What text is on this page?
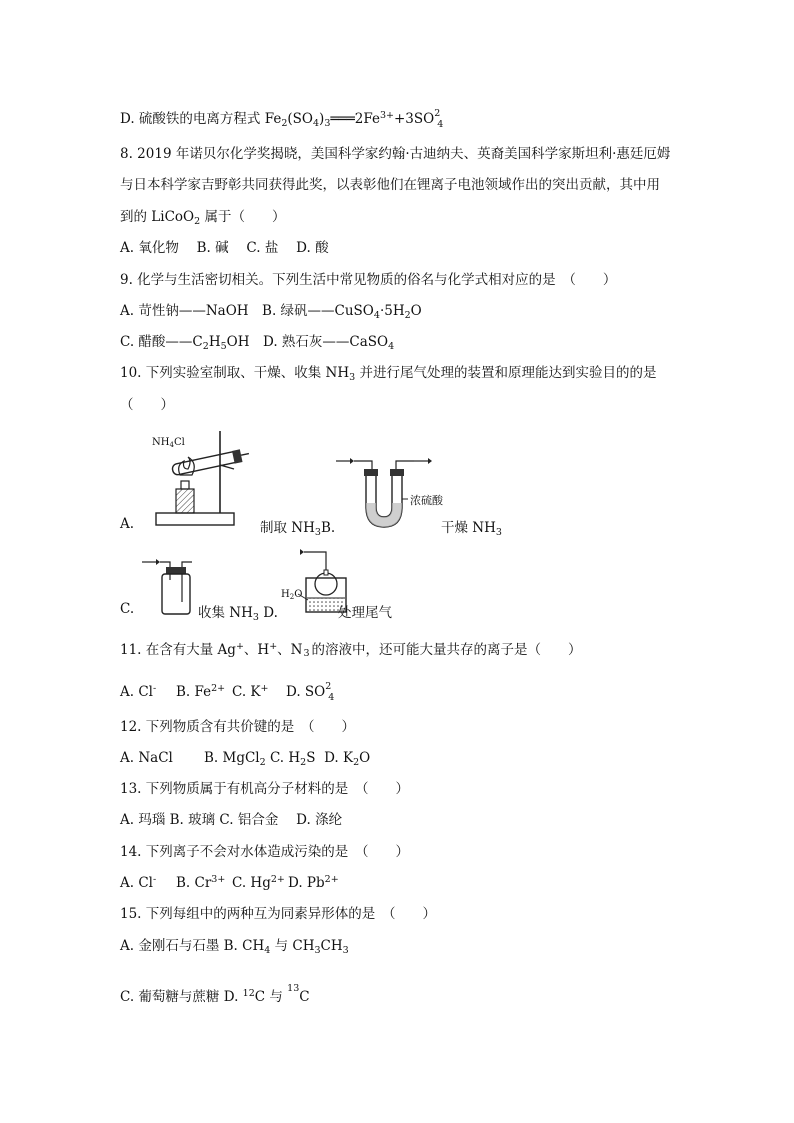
D. 硫酸铁的电离方程式 $Fe_2(SO_4)_3═══2Fe^{3+}+3SO$ 2
4
8. 2019 年诺贝尔化学奖揭晓，美国科学家约翰·古迪纳夫、英裔美国科学家斯坦利·惠廷厄姆
与日本科学家吉野彰共同获得此奖，以表彰他们在锂离子电池领域作出的突出贡献，其中用
到的 LiCoO$_2$ 属于（　　）
A. 氧化物　 B. 碱　 C. 盐　 D. 酸
9. 化学与生活密切相关。下列生活中常见物质的俗名与化学式相对应的是　（　　）
A. 苛性钠——NaOH　B. 绿矾$——CuSO_4\cdot 5H_2O$
C. 醋酸$——C_2H_5OH$　D. 熟石灰——CaSO$_4$
10. 下列实验室制取、干燥、收集 $NH_3$ 并进行尾气处理的装置和原理能达到实验目的的是
（　　）
A.
$NH_4Cl$
制取 $NH_3B$.
浓硫酸
干燥 $NH_3$
C.	收集 $NH_3$ D.
$H_2O$
处理尾气
11. 在含有大量 Ag+、H+、N 3 的溶液中，还可能大量共存的离子是（　　）
A. Cl- B. $Fe^{2+}$ C. K+ D. SO 2
4
12. 下列物质含有共价键的是　（　　）
A. NaCl B. MgCl$_2$ C. $H_2S$ D. $K_2O$
13. 下列物质属于有机高分子材料的是　（　　）
A. 玛瑙 B. 玻璃 C. 铝合金　 D. 涤纶
14. 下列离子不会对水体造成污染的是　（　　）
A. Cl- B. $Cr^{3+}$ C. $Hg^{2+}$ D. $Pb^{2+}$
15. 下列每组中的两种互为同素异形体的是　（　　）
A. 金刚石与石墨 B. $CH_4$ 与 $CH_3CH_3$
C. 葡萄糖与蔗糖 D. $^{12}$C 与 $^{13}$C
